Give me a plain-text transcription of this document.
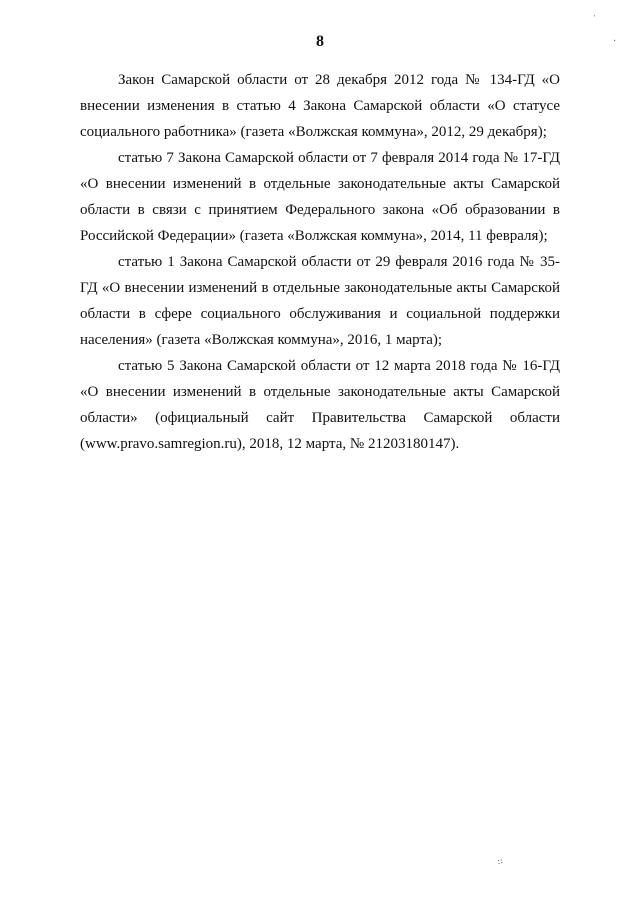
8

Закон Самарской области от 28 декабря 2012 года № 134-ГД «О внесении изменения в статью 4 Закона Самарской области «О статусе социального работника» (газета «Волжская коммуна», 2012, 29 декабря);

статью 7 Закона Самарской области от 7 февраля 2014 года № 17-ГД «О внесении изменений в отдельные законодательные акты Самарской области в связи с принятием Федерального закона «Об образовании в Российской Федерации» (газета «Волжская коммуна», 2014, 11 февраля);

статью 1 Закона Самарской области от 29 февраля 2016 года № 35-ГД «О внесении изменений в отдельные законодательные акты Самарской области в сфере социального обслуживания и социальной поддержки населения» (газета «Волжская коммуна», 2016, 1 марта);

статью 5 Закона Самарской области от 12 марта 2018 года № 16-ГД «О внесении изменений в отдельные законодательные акты Самарской области» (официальный сайт Правительства Самарской области (www.pravo.samregion.ru), 2018, 12 марта, № 21203180147).

ˌ
·
⁘
